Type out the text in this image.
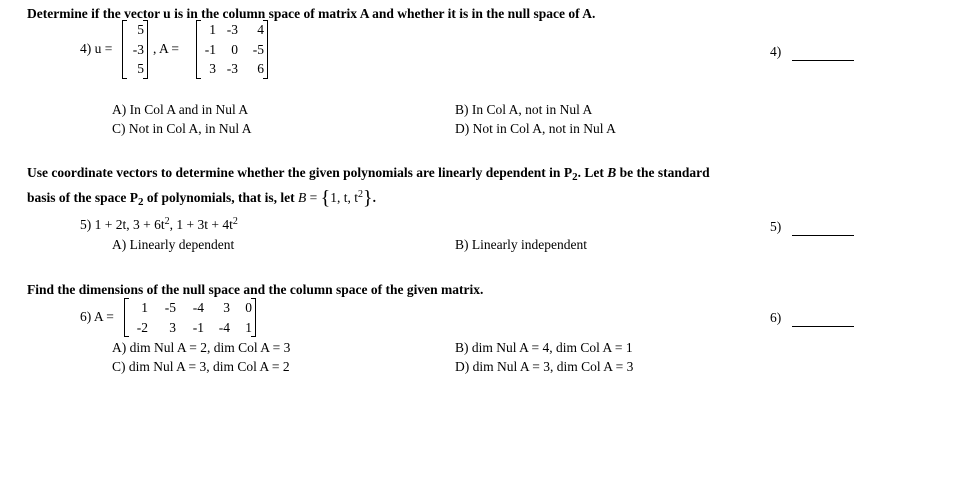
Determine if the vector u is in the column space of matrix A and whether it is in the null space of A.
4) u =
5
-3
5
, A =
1 -3	4
-1	0	-5
3 -3	6
4)
A) In Col A and in Nul A	B) In Col A, not in Nul A
C) Not in Col A, in Nul A	D) Not in Col A, not in Nul A
Use coordinate vectors to determine whether the given polynomials are linearly dependent in $P_2$. Let B be the standard
basis of the space $P_2$ of polynomials, that is, let B = {1, t, $t^2$}.
5) 1 + 2t, $3 + 6t^2$, $1 + 3t + 4t^2$	5)
A) Linearly dependent	B) Linearly independent
Find the dimensions of the null space and the column space of the given matrix.
6) A =
1	-5	-4	3	0
-2	3	-1	-4	1
6)
A) dim Nul A = 2, dim Col A = 3	B) dim Nul A = 4, dim Col A = 1
C) dim Nul A = 3, dim Col A = 2	D) dim Nul A = 3, dim Col A = 3
